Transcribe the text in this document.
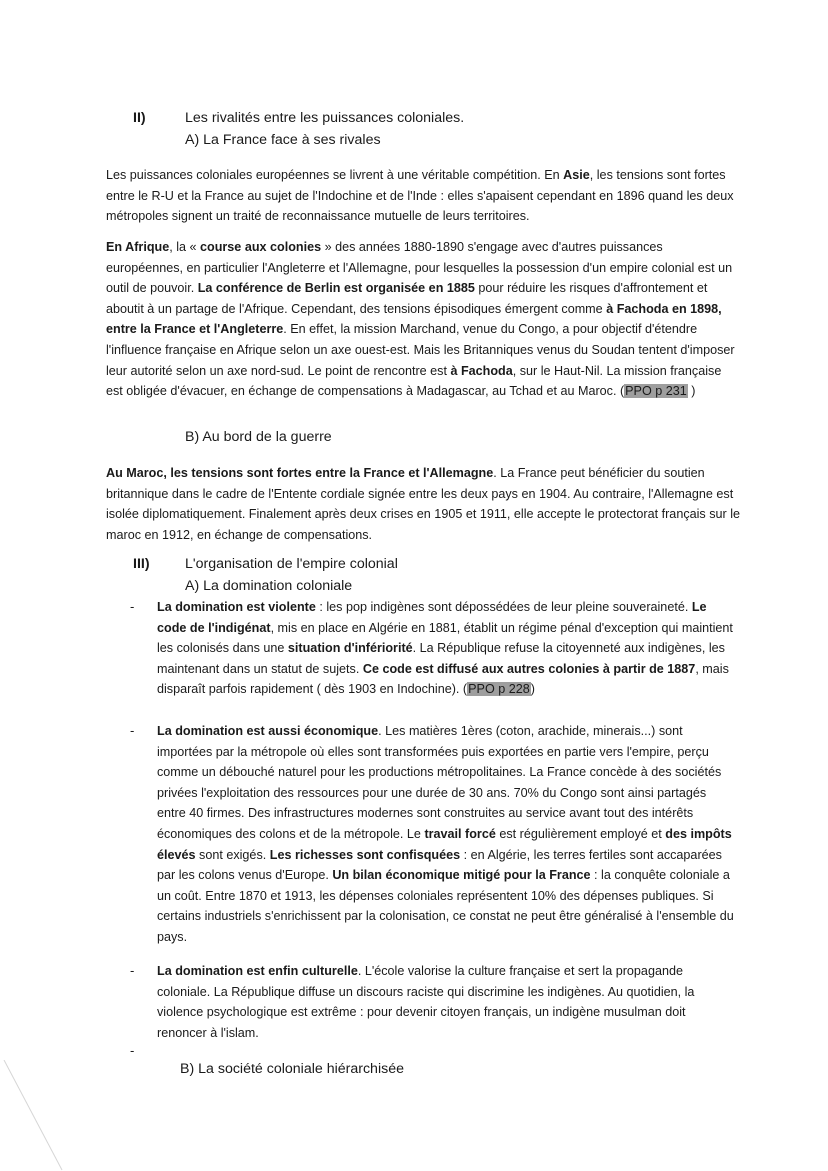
II)	Les rivalités entre les puissances coloniales.
A) La France face à ses rivales

Les puissances coloniales européennes se livrent à une véritable compétition. En Asie, les tensions sont fortes entre le R-U et la France au sujet de l'Indochine et de l'Inde : elles s'apaisent cependant en 1896 quand les deux métropoles signent un traité de reconnaissance mutuelle de leurs territoires.

En Afrique, la « course aux colonies » des années 1880-1890 s'engage avec d'autres puissances européennes, en particulier l'Angleterre et l'Allemagne, pour lesquelles la possession d'un empire colonial est un outil de pouvoir. La conférence de Berlin est organisée en 1885 pour réduire les risques d'affrontement et aboutit à un partage de l'Afrique. Cependant, des tensions épisodiques émergent comme à Fachoda en 1898, entre la France et l'Angleterre. En effet, la mission Marchand, venue du Congo, a pour objectif d'étendre l'influence française en Afrique selon un axe ouest-est. Mais les Britanniques venus du Soudan tentent d'imposer leur autorité selon un axe nord-sud. Le point de rencontre est à Fachoda, sur le Haut-Nil. La mission française est obligée d'évacuer, en échange de compensations à Madagascar, au Tchad et au Maroc. (PPO p 231 )

B) Au bord de la guerre

Au Maroc, les tensions sont fortes entre la France et l'Allemagne. La France peut bénéficier du soutien britannique dans le cadre de l'Entente cordiale signée entre les deux pays en 1904. Au contraire, l'Allemagne est isolée diplomatiquement. Finalement après deux crises en 1905 et 1911, elle accepte le protectorat français sur le maroc en 1912, en échange de compensations.

III) L'organisation de l'empire colonial
A) La domination coloniale
- La domination est violente : les pop indigènes sont dépossédées de leur pleine souveraineté. Le code de l'indigénat, mis en place en Algérie en 1881, établit un régime pénal d'exception qui maintient les colonisés dans une situation d'infériorité. La République refuse la citoyenneté aux indigènes, les maintenant dans un statut de sujets. Ce code est diffusé aux autres colonies à partir de 1887, mais disparaît parfois rapidement ( dès 1903 en Indochine). (PPO p 228)

- La domination est aussi économique. Les matières 1ères (coton, arachide, minerais...) sont importées par la métropole où elles sont transformées puis exportées en partie vers l'empire, perçu comme un débouché naturel pour les productions métropolitaines. La France concède à des sociétés privées l'exploitation des ressources pour une durée de 30 ans. 70% du Congo sont ainsi partagés entre 40 firmes. Des infrastructures modernes sont construites au service avant tout des intérêts économiques des colons et de la métropole. Le travail forcé est régulièrement employé et des impôts élevés sont exigés. Les richesses sont confisquées : en Algérie, les terres fertiles sont accaparées par les colons venus d'Europe. Un bilan économique mitigé pour la France : la conquête coloniale a un coût. Entre 1870 et 1913, les dépenses coloniales représentent 10% des dépenses publiques. Si certains industriels s'enrichissent par la colonisation, ce constat ne peut être généralisé à l'ensemble du pays.

- La domination est enfin culturelle. L'école valorise la culture française et sert la propagande coloniale. La République diffuse un discours raciste qui discrimine les indigènes. Au quotidien, la violence psychologique est extrême : pour devenir citoyen français, un indigène musulman doit renoncer à l'islam.

-
B) La société coloniale hiérarchisée
